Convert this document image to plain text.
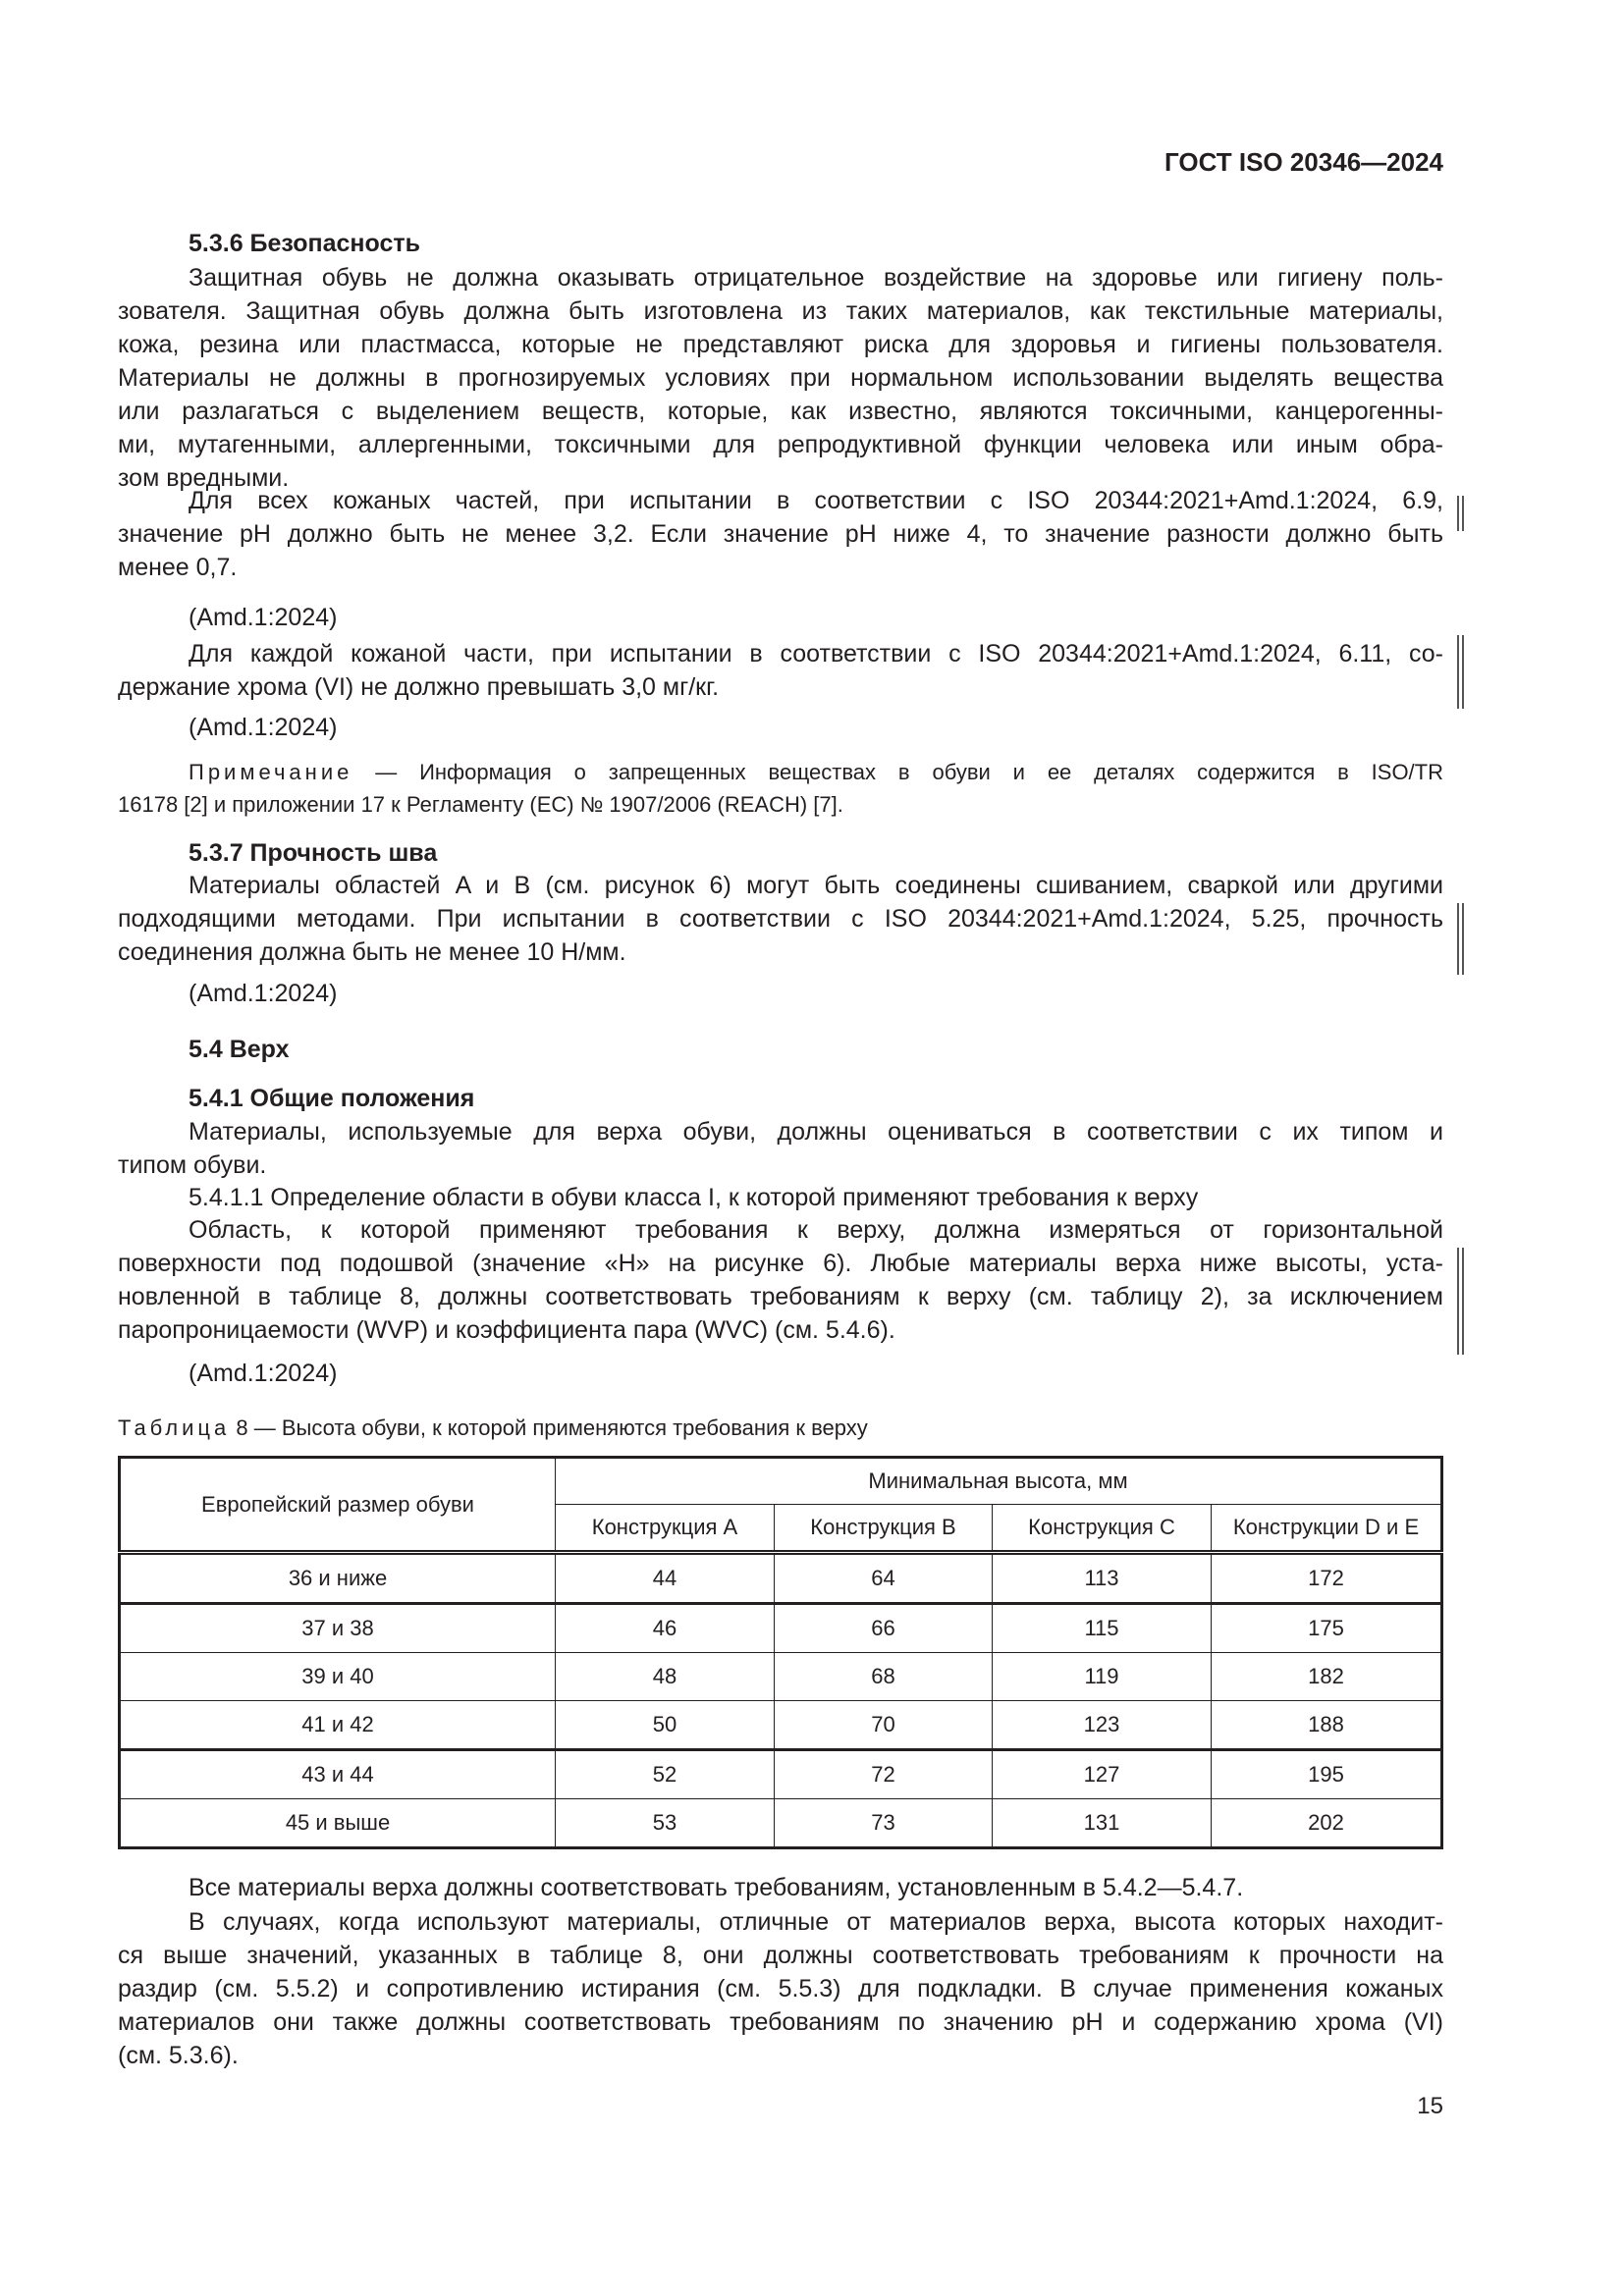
ГОСТ ISO 20346—2024
5.3.6 Безопасность
Защитная обувь не должна оказывать отрицательное воздействие на здоровье или гигиену поль-
зователя. Защитная обувь должна быть изготовлена из таких материалов, как текстильные материалы,
кожа, резина или пластмасса, которые не представляют риска для здоровья и гигиены пользователя.
Материалы не должны в прогнозируемых условиях при нормальном использовании выделять вещества
или разлагаться с выделением веществ, которые, как известно, являются токсичными, канцерогенны-
ми, мутагенными, аллергенными, токсичными для репродуктивной функции человека или иным обра-
зом вредными.
Для всех кожаных частей, при испытании в соответствии с ISO 20344:2021+Amd.1:2024, 6.9,
значение pH должно быть не менее 3,2. Если значение pH ниже 4, то значение разности должно быть
менее 0,7.
(Amd.1:2024)
Для каждой кожаной части, при испытании в соответствии с ISO 20344:2021+Amd.1:2024, 6.11, со-
держание хрома (VI) не должно превышать 3,0 мг/кг.
(Amd.1:2024)
Примечание — Информация о запрещенных веществах в обуви и ее деталях содержится в ISO/TR
16178 [2] и приложении 17 к Регламенту (ЕС) № 1907/2006 (REACH) [7].
5.3.7 Прочность шва
Материалы областей A и B (см. рисунок 6) могут быть соединены сшиванием, сваркой или другими
подходящими методами. При испытании в соответствии с ISO 20344:2021+Amd.1:2024, 5.25, прочность
соединения должна быть не менее 10 Н/мм.
(Amd.1:2024)
5.4 Верх
5.4.1 Общие положения
Материалы, используемые для верха обуви, должны оцениваться в соответствии с их типом и
типом обуви.
5.4.1.1 Определение области в обуви класса I, к которой применяют требования к верху
Область, к которой применяют требования к верху, должна измеряться от горизонтальной
поверхности под подошвой (значение «H» на рисунке 6). Любые материалы верха ниже высоты, уста-
новленной в таблице 8, должны соответствовать требованиям к верху (см. таблицу 2), за исключением
паропроницаемости (WVP) и коэффициента пара (WVC) (см. 5.4.6).
(Amd.1:2024)
Таблица 8 — Высота обуви, к которой применяются требования к верху
Европейский размер обуви	Минимальная высота, мм			
	Конструкция A	Конструкция B	Конструкция C	Конструкции D и E
36 и ниже	44	64	113	172
37 и 38	46	66	115	175
39 и 40	48	68	119	182
41 и 42	50	70	123	188
43 и 44	52	72	127	195
45 и выше	53	73	131	202
Все материалы верха должны соответствовать требованиям, установленным в 5.4.2—5.4.7.
В случаях, когда используют материалы, отличные от материалов верха, высота которых находит-
ся выше значений, указанных в таблице 8, они должны соответствовать требованиям к прочности на
раздир (см. 5.5.2) и сопротивлению истирания (см. 5.5.3) для подкладки. В случае применения кожаных
материалов они также должны соответствовать требованиям по значению pH и содержанию хрома (VI)
(см. 5.3.6).
15
